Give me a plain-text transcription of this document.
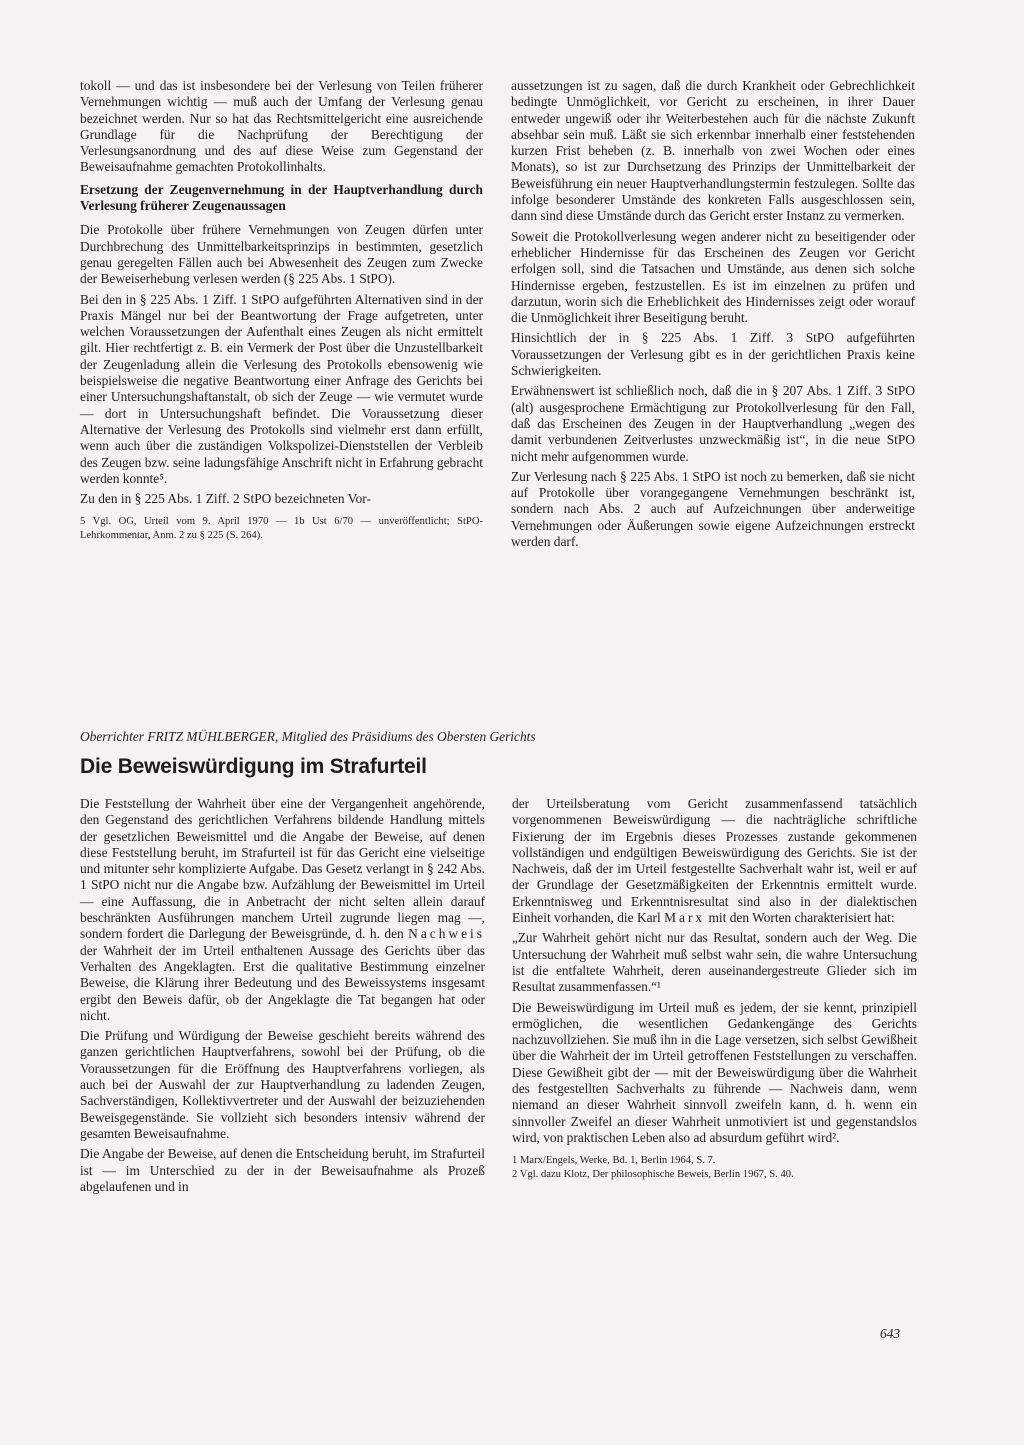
tokoll — und das ist insbesondere bei der Verlesung von Teilen früherer Vernehmungen wichtig — muß auch der Umfang der Verlesung genau bezeichnet werden. Nur so hat das Rechtsmittelgericht eine ausreichende Grundlage für die Nachprüfung der Berechtigung der Verlesungsanordnung und des auf diese Weise zum Gegenstand der Beweisaufnahme gemachten Protokollinhalts.

Ersetzung der Zeugenvernehmung in der Hauptverhandlung durch Verlesung früherer Zeugenaussagen

Die Protokolle über frühere Vernehmungen von Zeugen dürfen unter Durchbrechung des Unmittelbarkeitsprinzips in bestimmten, gesetzlich genau geregelten Fällen auch bei Abwesenheit des Zeugen zum Zwecke der Beweiserhebung verlesen werden (§ 225 Abs. 1 StPO).

Bei den in § 225 Abs. 1 Ziff. 1 StPO aufgeführten Alternativen sind in der Praxis Mängel nur bei der Beantwortung der Frage aufgetreten, unter welchen Voraussetzungen der Aufenthalt eines Zeugen als nicht ermittelt gilt. Hier rechtfertigt z. B. ein Vermerk der Post über die Unzustellbarkeit der Zeugenladung allein die Verlesung des Protokolls ebensowenig wie beispielsweise die negative Beantwortung einer Anfrage des Gerichts bei einer Untersuchungshaftanstalt, ob sich der Zeuge — wie vermutet wurde — dort in Untersuchungshaft befindet. Die Voraussetzung dieser Alternative der Verlesung des Protokolls sind vielmehr erst dann erfüllt, wenn auch über die zuständigen Volkspolizei-Dienststellen der Verbleib des Zeugen bzw. seine ladungsfähige Anschrift nicht in Erfahrung gebracht werden konnte⁵.

Zu den in § 225 Abs. 1 Ziff. 2 StPO bezeichneten Vor-

5 Vgl. OG, Urteil vom 9. April 1970 — 1b Ust 6/70 — unveröffentlicht; StPO-Lehrkommentar, Anm. 2 zu § 225 (S. 264).

aussetzungen ist zu sagen, daß die durch Krankheit oder Gebrechlichkeit bedingte Unmöglichkeit, vor Gericht zu erscheinen, in ihrer Dauer entweder ungewiß oder ihr Weiterbestehen auch für die nächste Zukunft absehbar sein muß. Läßt sie sich erkennbar innerhalb einer feststehenden kurzen Frist beheben (z. B. innerhalb von zwei Wochen oder eines Monats), so ist zur Durchsetzung des Prinzips der Unmittelbarkeit der Beweisführung ein neuer Hauptverhandlungstermin festzulegen. Sollte das infolge besonderer Umstände des konkreten Falls ausgeschlossen sein, dann sind diese Umstände durch das Gericht erster Instanz zu vermerken.

Soweit die Protokollverlesung wegen anderer nicht zu beseitigender oder erheblicher Hindernisse für das Erscheinen des Zeugen vor Gericht erfolgen soll, sind die Tatsachen und Umstände, aus denen sich solche Hindernisse ergeben, festzustellen. Es ist im einzelnen zu prüfen und darzutun, worin sich die Erheblichkeit des Hindernisses zeigt oder worauf die Unmöglichkeit ihrer Beseitigung beruht.

Hinsichtlich der in § 225 Abs. 1 Ziff. 3 StPO aufgeführten Voraussetzungen der Verlesung gibt es in der gerichtlichen Praxis keine Schwierigkeiten.

Erwähnenswert ist schließlich noch, daß die in § 207 Abs. 1 Ziff. 3 StPO (alt) ausgesprochene Ermächtigung zur Protokollverlesung für den Fall, daß das Erscheinen des Zeugen in der Hauptverhandlung „wegen des damit verbundenen Zeitverlustes unzweckmäßig ist“, in die neue StPO nicht mehr aufgenommen wurde.

Zur Verlesung nach § 225 Abs. 1 StPO ist noch zu bemerken, daß sie nicht auf Protokolle über vorangegangene Vernehmungen beschränkt ist, sondern nach Abs. 2 auch auf Aufzeichnungen über anderweitige Vernehmungen oder Äußerungen sowie eigene Aufzeichnungen erstreckt werden darf.

Oberrichter FRITZ MÜHLBERGER, Mitglied des Präsidiums des Obersten Gerichts
Die Beweiswürdigung im Strafurteil

Die Feststellung der Wahrheit über eine der Vergangenheit angehörende, den Gegenstand des gerichtlichen Verfahrens bildende Handlung mittels der gesetzlichen Beweismittel und die Angabe der Beweise, auf denen diese Feststellung beruht, im Strafurteil ist für das Gericht eine vielseitige und mitunter sehr komplizierte Aufgabe. Das Gesetz verlangt in § 242 Abs. 1 StPO nicht nur die Angabe bzw. Aufzählung der Beweismittel im Urteil — eine Auffassung, die in Anbetracht der nicht selten allein darauf beschränkten Ausführungen manchem Urteil zugrunde liegen mag —, sondern fordert die Darlegung der Beweisgründe, d. h. den Nachweis der Wahrheit der im Urteil enthaltenen Aussage des Gerichts über das Verhalten des Angeklagten. Erst die qualitative Bestimmung einzelner Beweise, die Klärung ihrer Bedeutung und des Beweissystems insgesamt ergibt den Beweis dafür, ob der Angeklagte die Tat begangen hat oder nicht.

Die Prüfung und Würdigung der Beweise geschieht bereits während des ganzen gerichtlichen Hauptverfahrens, sowohl bei der Prüfung, ob die Voraussetzungen für die Eröffnung des Hauptverfahrens vorliegen, als auch bei der Auswahl der zur Hauptverhandlung zu ladenden Zeugen, Sachverständigen, Kollektivvertreter und der Auswahl der beizuziehenden Beweisgegenstände. Sie vollzieht sich besonders intensiv während der gesamten Beweisaufnahme.

Die Angabe der Beweise, auf denen die Entscheidung beruht, im Strafurteil ist — im Unterschied zu der in der Beweisaufnahme als Prozeß abgelaufenen und in

der Urteilsberatung vom Gericht zusammenfassend tatsächlich vorgenommenen Beweiswürdigung — die nachträgliche schriftliche Fixierung der im Ergebnis dieses Prozesses zustande gekommenen vollständigen und endgültigen Beweiswürdigung des Gerichts. Sie ist der Nachweis, daß der im Urteil festgestellte Sachverhalt wahr ist, weil er auf der Grundlage der Gesetzmäßigkeiten der Erkenntnis ermittelt wurde. Erkenntnisweg und Erkenntnisresultat sind also in der dialektischen Einheit vorhanden, die Karl Marx mit den Worten charakterisiert hat:

„Zur Wahrheit gehört nicht nur das Resultat, sondern auch der Weg. Die Untersuchung der Wahrheit muß selbst wahr sein, die wahre Untersuchung ist die entfaltete Wahrheit, deren auseinandergestreute Glieder sich im Resultat zusammenfassen.“¹

Die Beweiswürdigung im Urteil muß es jedem, der sie kennt, prinzipiell ermöglichen, die wesentlichen Gedankengänge des Gerichts nachzuvollziehen. Sie muß ihn in die Lage versetzen, sich selbst Gewißheit über die Wahrheit der im Urteil getroffenen Feststellungen zu verschaffen. Diese Gewißheit gibt der — mit der Beweiswürdigung über die Wahrheit des festgestellten Sachverhalts zu führende — Nachweis dann, wenn niemand an dieser Wahrheit sinnvoll zweifeln kann, d. h. wenn ein sinnvoller Zweifel an dieser Wahrheit unmotiviert ist und gegenstandslos wird, von praktischen Leben also ad absurdum geführt wird².

1 Marx/Engels, Werke, Bd. 1, Berlin 1964, S. 7.

2 Vgl. dazu Klotz, Der philosophische Beweis, Berlin 1967, S. 40.

643
